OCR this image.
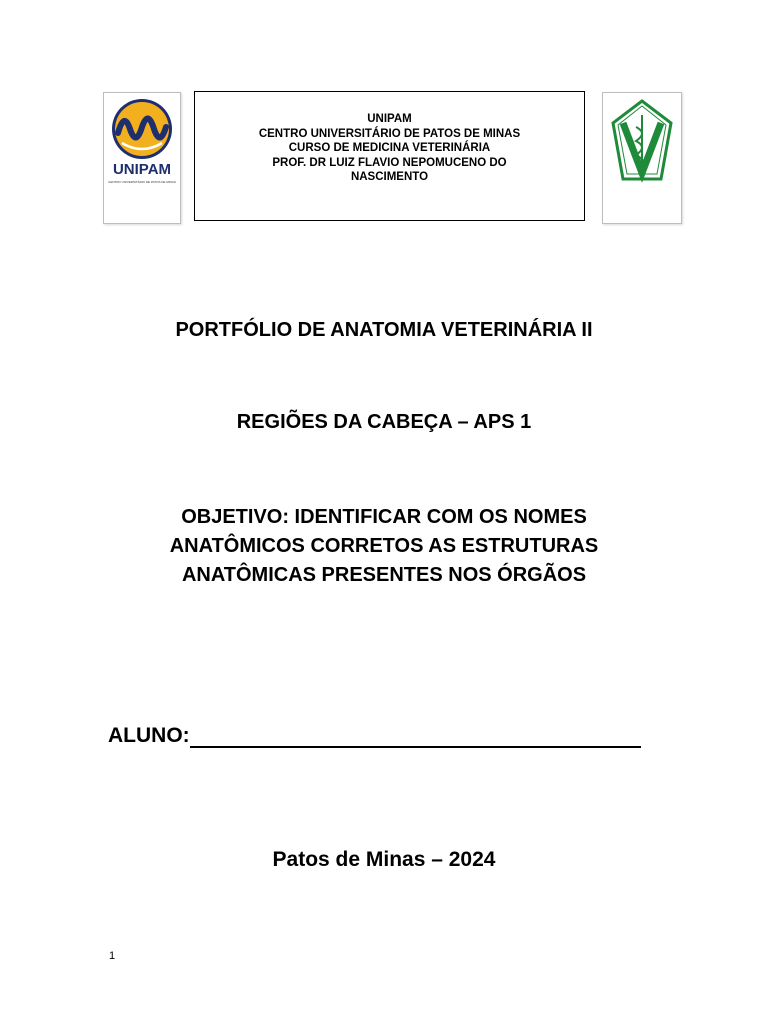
UNIPAM
CENTRO UNIVERSITÁRIO DE PATOS DE MINAS
UNIPAM
CENTRO UNIVERSITÁRIO DE PATOS DE MINAS
CURSO DE MEDICINA VETERINÁRIA
PROF. DR LUIZ FLAVIO NEPOMUCENO DO
NASCIMENTO
PORTFÓLIO DE ANATOMIA VETERINÁRIA II
REGIÕES DA CABEÇA – APS 1
OBJETIVO: IDENTIFICAR COM OS NOMES
ANATÔMICOS CORRETOS AS ESTRUTURAS
ANATÔMICAS PRESENTES NOS ÓRGÃOS
ALUNO:
Patos de Minas – 2024
1
